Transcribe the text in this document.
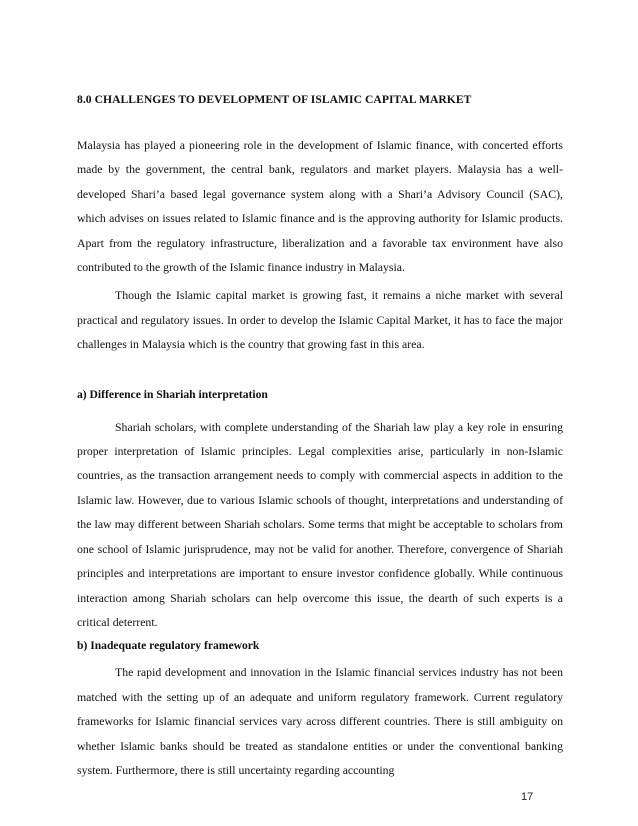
8.0 CHALLENGES TO DEVELOPMENT OF ISLAMIC CAPITAL MARKET

Malaysia has played a pioneering role in the development of Islamic finance, with concerted efforts made by the government, the central bank, regulators and market players. Malaysia has a well-developed Shari’a based legal governance system along with a Shari’a Advisory Council (SAC), which advises on issues related to Islamic finance and is the approving authority for Islamic products. Apart from the regulatory infrastructure, liberalization and a favorable tax environment have also contributed to the growth of the Islamic finance industry in Malaysia.

Though the Islamic capital market is growing fast, it remains a niche market with several practical and regulatory issues. In order to develop the Islamic Capital Market, it has to face the major challenges in Malaysia which is the country that growing fast in this area.

a) Difference in Shariah interpretation

Shariah scholars, with complete understanding of the Shariah law play a key role in ensuring proper interpretation of Islamic principles. Legal complexities arise, particularly in non-Islamic countries, as the transaction arrangement needs to comply with commercial aspects in addition to the Islamic law. However, due to various Islamic schools of thought, interpretations and understanding of the law may different between Shariah scholars. Some terms that might be acceptable to scholars from one school of Islamic jurisprudence, may not be valid for another. Therefore, convergence of Shariah principles and interpretations are important to ensure investor confidence globally. While continuous interaction among Shariah scholars can help overcome this issue, the dearth of such experts is a critical deterrent.

b) Inadequate regulatory framework

The rapid development and innovation in the Islamic financial services industry has not been matched with the setting up of an adequate and uniform regulatory framework. Current regulatory frameworks for Islamic financial services vary across different countries. There is still ambiguity on whether Islamic banks should be treated as standalone entities or under the conventional banking system. Furthermore, there is still uncertainty regarding accounting

17
